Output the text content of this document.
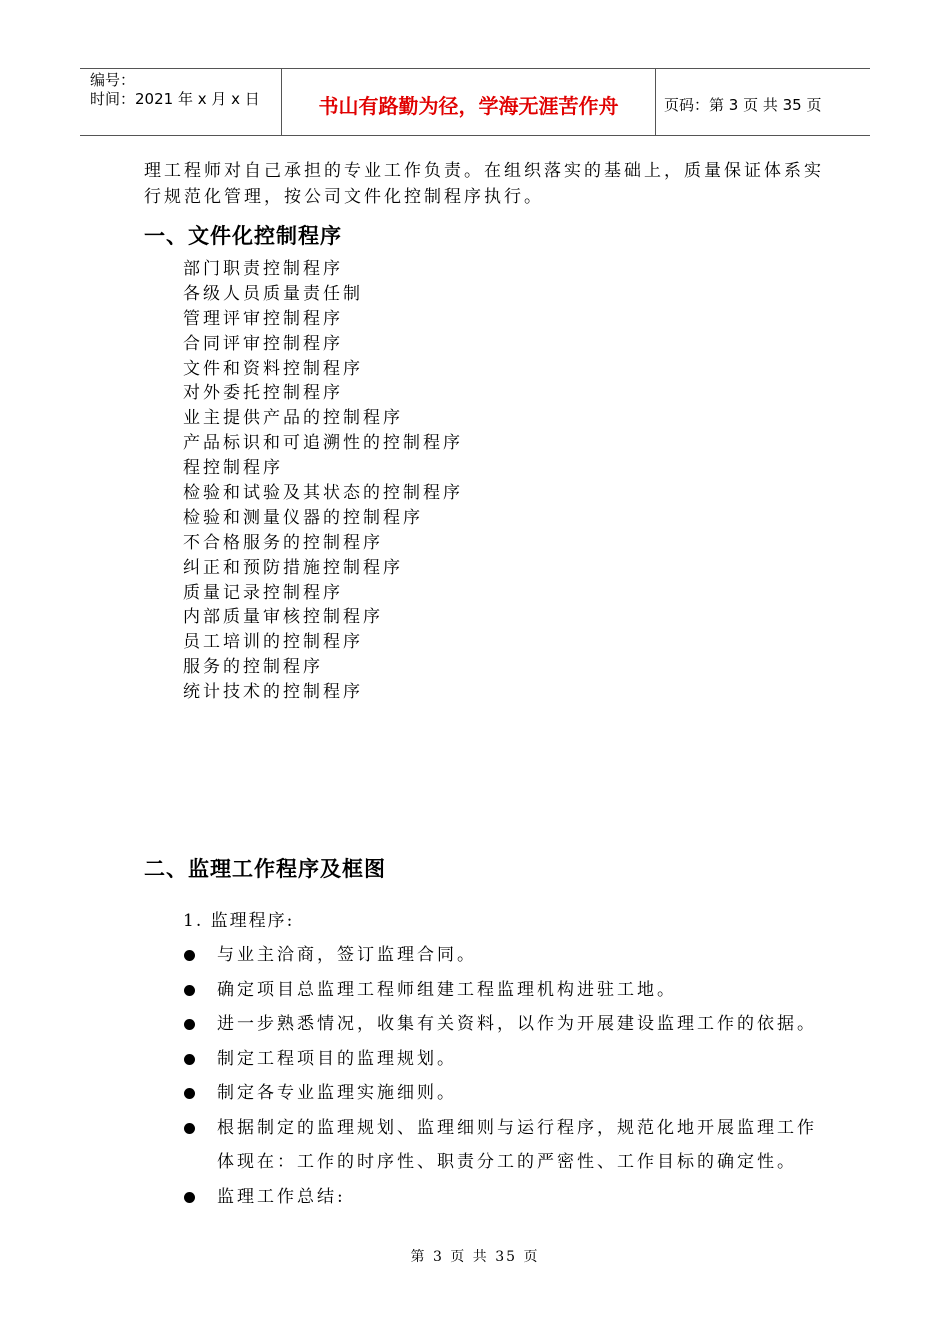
编号：
时间：2021 年 x 月 x 日	书山有路勤为径，学海无涯苦作舟	页码：第 3 页 共 35 页
理工程师对自己承担的专业工作负责。在组织落实的基础上，质量保证体系实行规范化管理，按公司文件化控制程序执行。
一、文件化控制程序
部门职责控制程序
各级人员质量责任制
管理评审控制程序
合同评审控制程序
文件和资料控制程序
对外委托控制程序
业主提供产品的控制程序
产品标识和可追溯性的控制程序
程控制程序
检验和试验及其状态的控制程序
检验和测量仪器的控制程序
不合格服务的控制程序
纠正和预防措施控制程序
质量记录控制程序
内部质量审核控制程序
员工培训的控制程序
服务的控制程序
统计技术的控制程序
二、监理工作程序及框图
1. 监理程序:
与业主洽商，签订监理合同。
确定项目总监理工程师组建工程监理机构进驻工地。
进一步熟悉情况，收集有关资料，以作为开展建设监理工作的依据。
制定工程项目的监理规划。
制定各专业监理实施细则。
根据制定的监理规划、监理细则与运行程序，规范化地开展监理工作体现在：工作的时序性、职责分工的严密性、工作目标的确定性。
监理工作总结:
第 3 页 共 35 页
